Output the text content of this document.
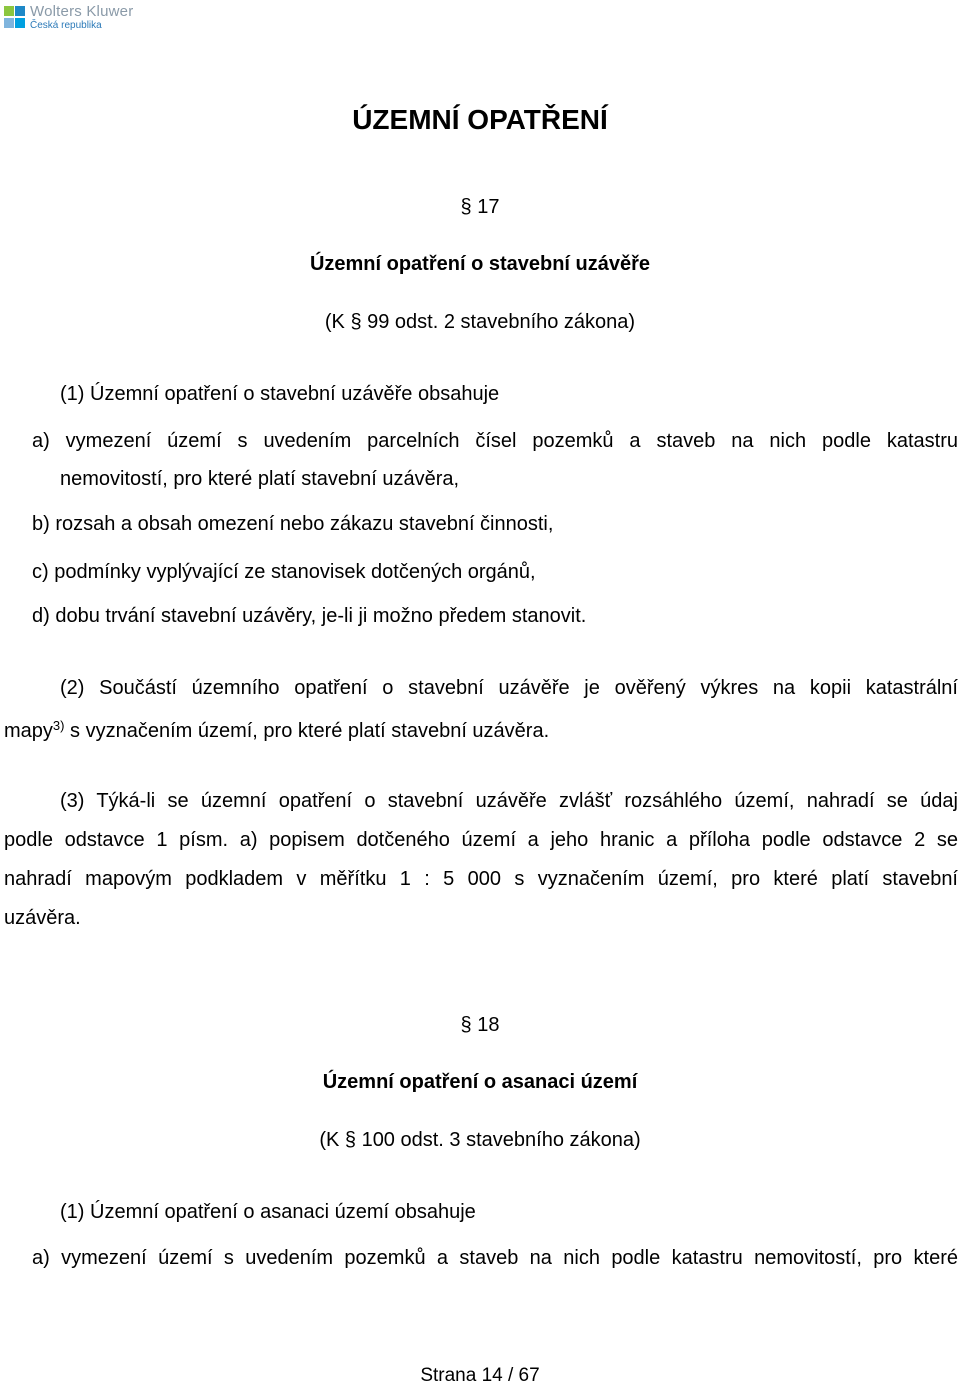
Wolters Kluwer
Česká republika
ÚZEMNÍ OPATŘENÍ
§ 17
Územní opatření o stavební uzávěře
(K § 99 odst. 2 stavebního zákona)
(1) Územní opatření o stavební uzávěře obsahuje
a) vymezení území s uvedením parcelních čísel pozemků a staveb na nich podle katastru
nemovitostí, pro které platí stavební uzávěra,
b) rozsah a obsah omezení nebo zákazu stavební činnosti,
c) podmínky vyplývající ze stanovisek dotčených orgánů,
d) dobu trvání stavební uzávěry, je-li ji možno předem stanovit.
(2) Součástí územního opatření o stavební uzávěře je ověřený výkres na kopii katastrální
mapy$^{3)}$ s vyznačením území, pro které platí stavební uzávěra.
(3) Týká-li se územní opatření o stavební uzávěře zvlášť rozsáhlého území, nahradí se údaj
podle odstavce 1 písm. a) popisem dotčeného území a jeho hranic a příloha podle odstavce 2 se
nahradí mapovým podkladem v měřítku 1 : 5 000 s vyznačením území, pro které platí stavební
uzávěra.
§ 18
Územní opatření o asanaci území
(K § 100 odst. 3 stavebního zákona)
(1) Územní opatření o asanaci území obsahuje
a) vymezení území s uvedením pozemků a staveb na nich podle katastru nemovitostí, pro které
Strana 14 / 67
